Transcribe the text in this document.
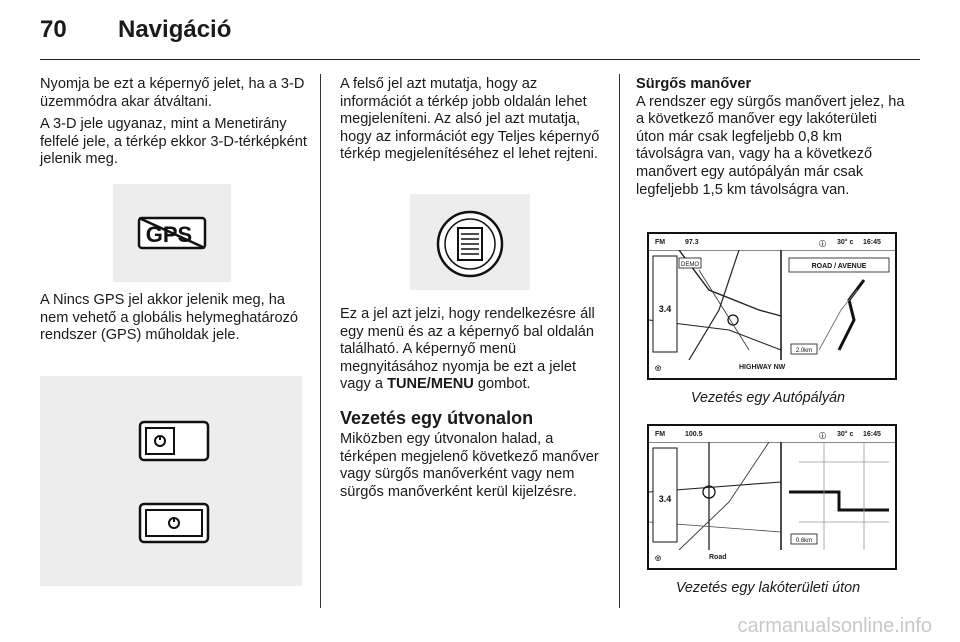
70 Navigáció

Nyomja be ezt a képernyő jelet, ha a 3-D üzemmódra akar átváltani.

A 3-D jele ugyanaz, mint a Menetirány felfelé jele, a térkép ekkor 3-D-térképként jelenik meg.

GPS

A Nincs GPS jel akkor jelenik meg, ha nem vehető a globális helymeghatározó rendszer (GPS) műholdak jele.

A felső jel azt mutatja, hogy az információt a térkép jobb oldalán lehet megjeleníteni. Az alsó jel azt mutatja, hogy az információt egy Teljes képernyő térkép megjelenítéséhez el lehet rejteni.

Ez a jel azt jelzi, hogy rendelkezésre áll egy menü és az a képernyő bal oldalán található. A képernyő menü megnyitásához nyomja be ezt a jelet vagy a TUNE/MENU gombot.

Vezetés egy útvonalon

Miközben egy útvonalon halad, a térképen megjelenő következő manőver vagy sürgős manőverként vagy nem sürgős manőverként kerül kijelzésre.

Sürgős manőver

A rendszer egy sürgős manővert jelez, ha a következő manőver egy lakóterületi úton már csak legfeljebb 0,8 km távolságra van, vagy ha a következő manővert egy autópályán már csak legfeljebb 1,5 km távolságra van.

FM	97.3	ⓘ 30° c 16:45
3.4
DEMO	ROAD / AVENUE
2.0km
◎	HIGHWAY NW
Vezetés egy Autópályán
FM	100.5	ⓘ 30° c 16:45
3.4
0.6km
◎	Road
Vezetés egy lakóterületi úton
carmanualsonline.info
